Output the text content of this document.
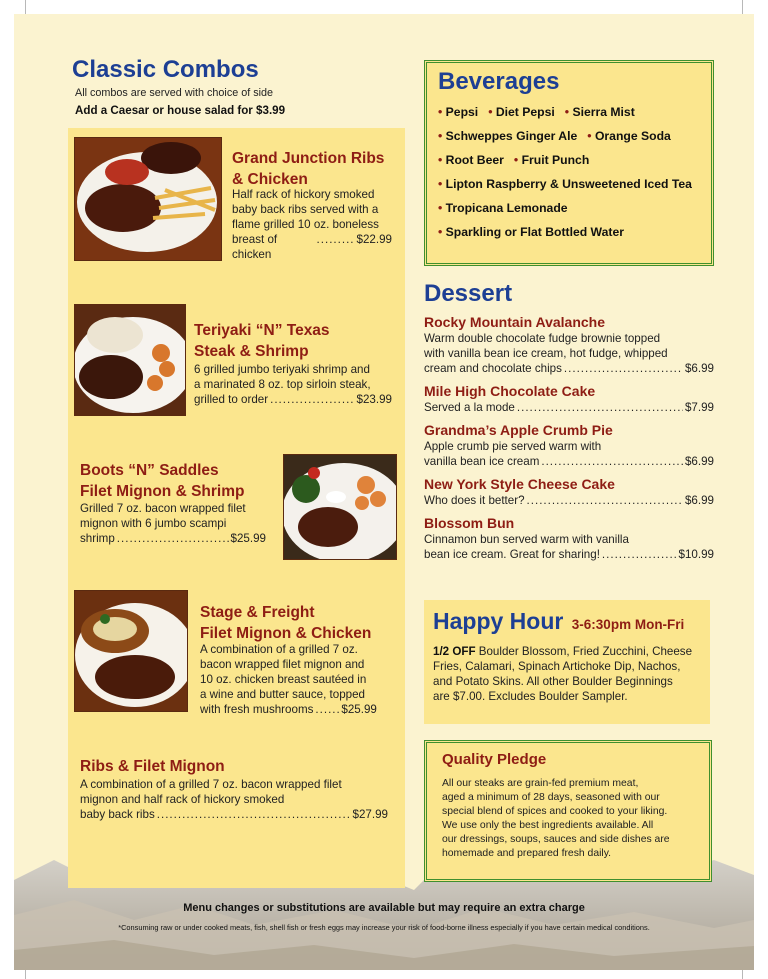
Classic Combos
All combos are served with choice of side
Add a Caesar or house salad for $3.99
Grand Junction Ribs
& Chicken
Half rack of hickory smoked
baby back ribs served with a
flame grilled 10 oz. boneless
breast of chicken
.....
$22.99
Teriyaki “N” Texas
Steak & Shrimp
6 grilled jumbo teriyaki shrimp and
a marinated 8 oz. top sirloin steak,
grilled to order .....	$23.99
Boots “N” Saddles
Filet Mignon & Shrimp
Grilled 7 oz. bacon wrapped filet
mignon with 6 jumbo scampi
shrimp .....	$25.99
Stage & Freight
Filet Mignon & Chicken
A combination of a grilled 7 oz.
bacon wrapped filet mignon and
10 oz. chicken breast sautéed in
a wine and butter sauce, topped
with fresh mushrooms ..... $25.99
Ribs & Filet Mignon
A combination of a grilled 7 oz. bacon wrapped filet
mignon and half rack of hickory smoked
baby back ribs .....	$27.99
Beverages
• Pepsi	• Diet Pepsi	• Sierra Mist
• Schweppes Ginger Ale	• Orange Soda
• Root Beer	• Fruit Punch
• Lipton Raspberry & Unsweetened Iced Tea
• Tropicana Lemonade
• Sparkling or Flat Bottled Water
Dessert
Rocky Mountain Avalanche
Warm double chocolate fudge brownie topped
with vanilla bean ice cream, hot fudge, whipped
cream and chocolate chips .....	$6.99
Mile High Chocolate Cake
Served a la mode .....	$7.99
Grandma’s Apple Crumb Pie
Apple crumb pie served warm with
vanilla bean ice cream .....	$6.99
New York Style Cheese Cake
Who does it better? .....	$6.99
Blossom Bun
Cinnamon bun served warm with vanilla
bean ice cream. Great for sharing! .....	$10.99
Happy Hour 3-6:30pm Mon-Fri
1/2 OFF Boulder Blossom, Fried Zucchini, Cheese
Fries, Calamari, Spinach Artichoke Dip, Nachos,
and Potato Skins. All other Boulder Beginnings
are $7.00. Excludes Boulder Sampler.
Quality Pledge
All our steaks are grain-fed premium meat,
aged a minimum of 28 days, seasoned with our
special blend of spices and cooked to your liking.
We use only the best ingredients available. All
our dressings, soups, sauces and side dishes are
homemade and prepared fresh daily.
Menu changes or substitutions are available but may require an extra charge
*Consuming raw or under cooked meats, fish, shell fish or fresh eggs may increase your risk of food-borne illness especially if you have certain medical conditions.
